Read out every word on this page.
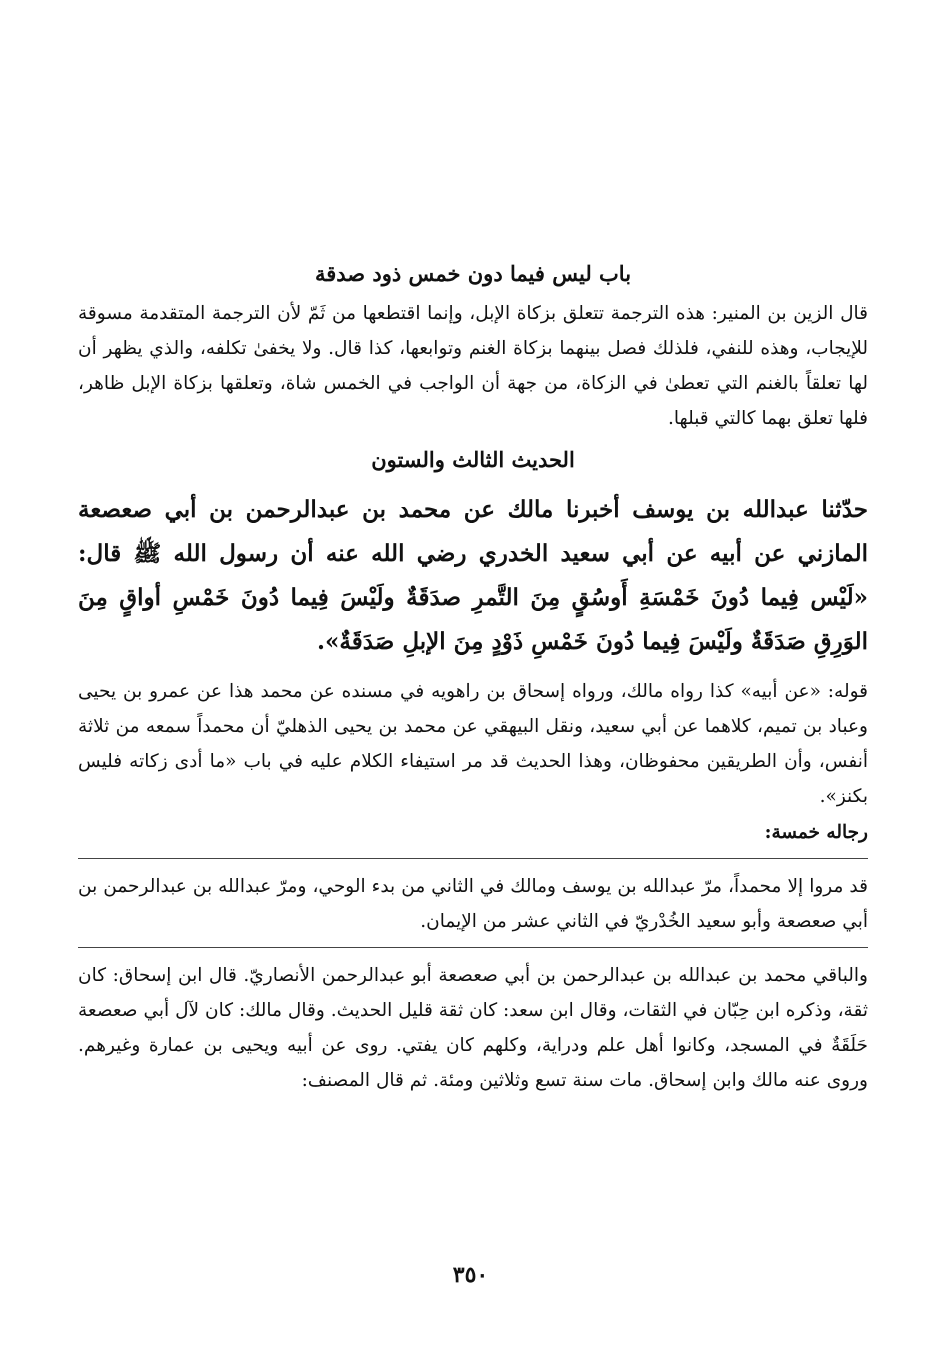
باب ليس فيما دون خمس ذود صدقة

قال الزين بن المنير: هذه الترجمة تتعلق بزكاة الإبل، وإنما اقتطعها من ثَمّ لأن الترجمة المتقدمة مسوقة للإيجاب، وهذه للنفي، فلذلك فصل بينهما بزكاة الغنم وتوابعها، كذا قال. ولا يخفىٰ تكلفه، والذي يظهر أن لها تعلقاً بالغنم التي تعطىٰ في الزكاة، من جهة أن الواجب في الخمس شاة، وتعلقها بزكاة الإبل ظاهر، فلها تعلق بهما كالتي قبلها.

الحديث الثالث والستون

حدّثنا عبدالله بن يوسف أخبرنا مالك عن محمد بن عبدالرحمن بن أبي صعصعة المازني عن أبيه عن أبي سعيد الخدري رضي الله عنه أن رسول الله ﷺ قال: «لَيْس فِيما دُونَ خَمْسَةِ أَوسُقٍ مِنَ التَّمرِ صدَقَةٌ ولَيْسَ فِيما دُونَ خَمْسِ أواقٍ مِنَ الوَرِقِ صَدَقَةٌ ولَيْسَ فِيما دُونَ خَمْسِ ذَوْدٍ مِنَ الإبلِ صَدَقَةٌ».

قوله: «عن أبيه» كذا رواه مالك، ورواه إسحاق بن راهويه في مسنده عن محمد هذا عن عمرو بن يحيى وعباد بن تميم، كلاهما عن أبي سعيد، ونقل البيهقي عن محمد بن يحيى الذهليّ أن محمداً سمعه من ثلاثة أنفس، وأن الطريقين محفوظان، وهذا الحديث قد مر استيفاء الكلام عليه في باب «ما أدى زكاته فليس بكنز».

رجاله خمسة:

قد مروا إلا محمداً، مرّ عبدالله بن يوسف ومالك في الثاني من بدء الوحي، ومرّ عبدالله بن عبدالرحمن بن أبي صعصعة وأبو سعيد الخُدْريّ في الثاني عشر من الإيمان.

والباقي محمد بن عبدالله بن عبدالرحمن بن أبي صعصعة أبو عبدالرحمن الأنصاريّ. قال ابن إسحاق: كان ثقة، وذكره ابن حِبّان في الثقات، وقال ابن سعد: كان ثقة قليل الحديث. وقال مالك: كان لآل أبي صعصعة حَلَقَةٌ في المسجد، وكانوا أهل علم ودراية، وكلهم كان يفتي. روى عن أبيه ويحيى بن عمارة وغيرهم. وروى عنه مالك وابن إسحاق. مات سنة تسع وثلاثين ومئة. ثم قال المصنف:

٣٥٠
